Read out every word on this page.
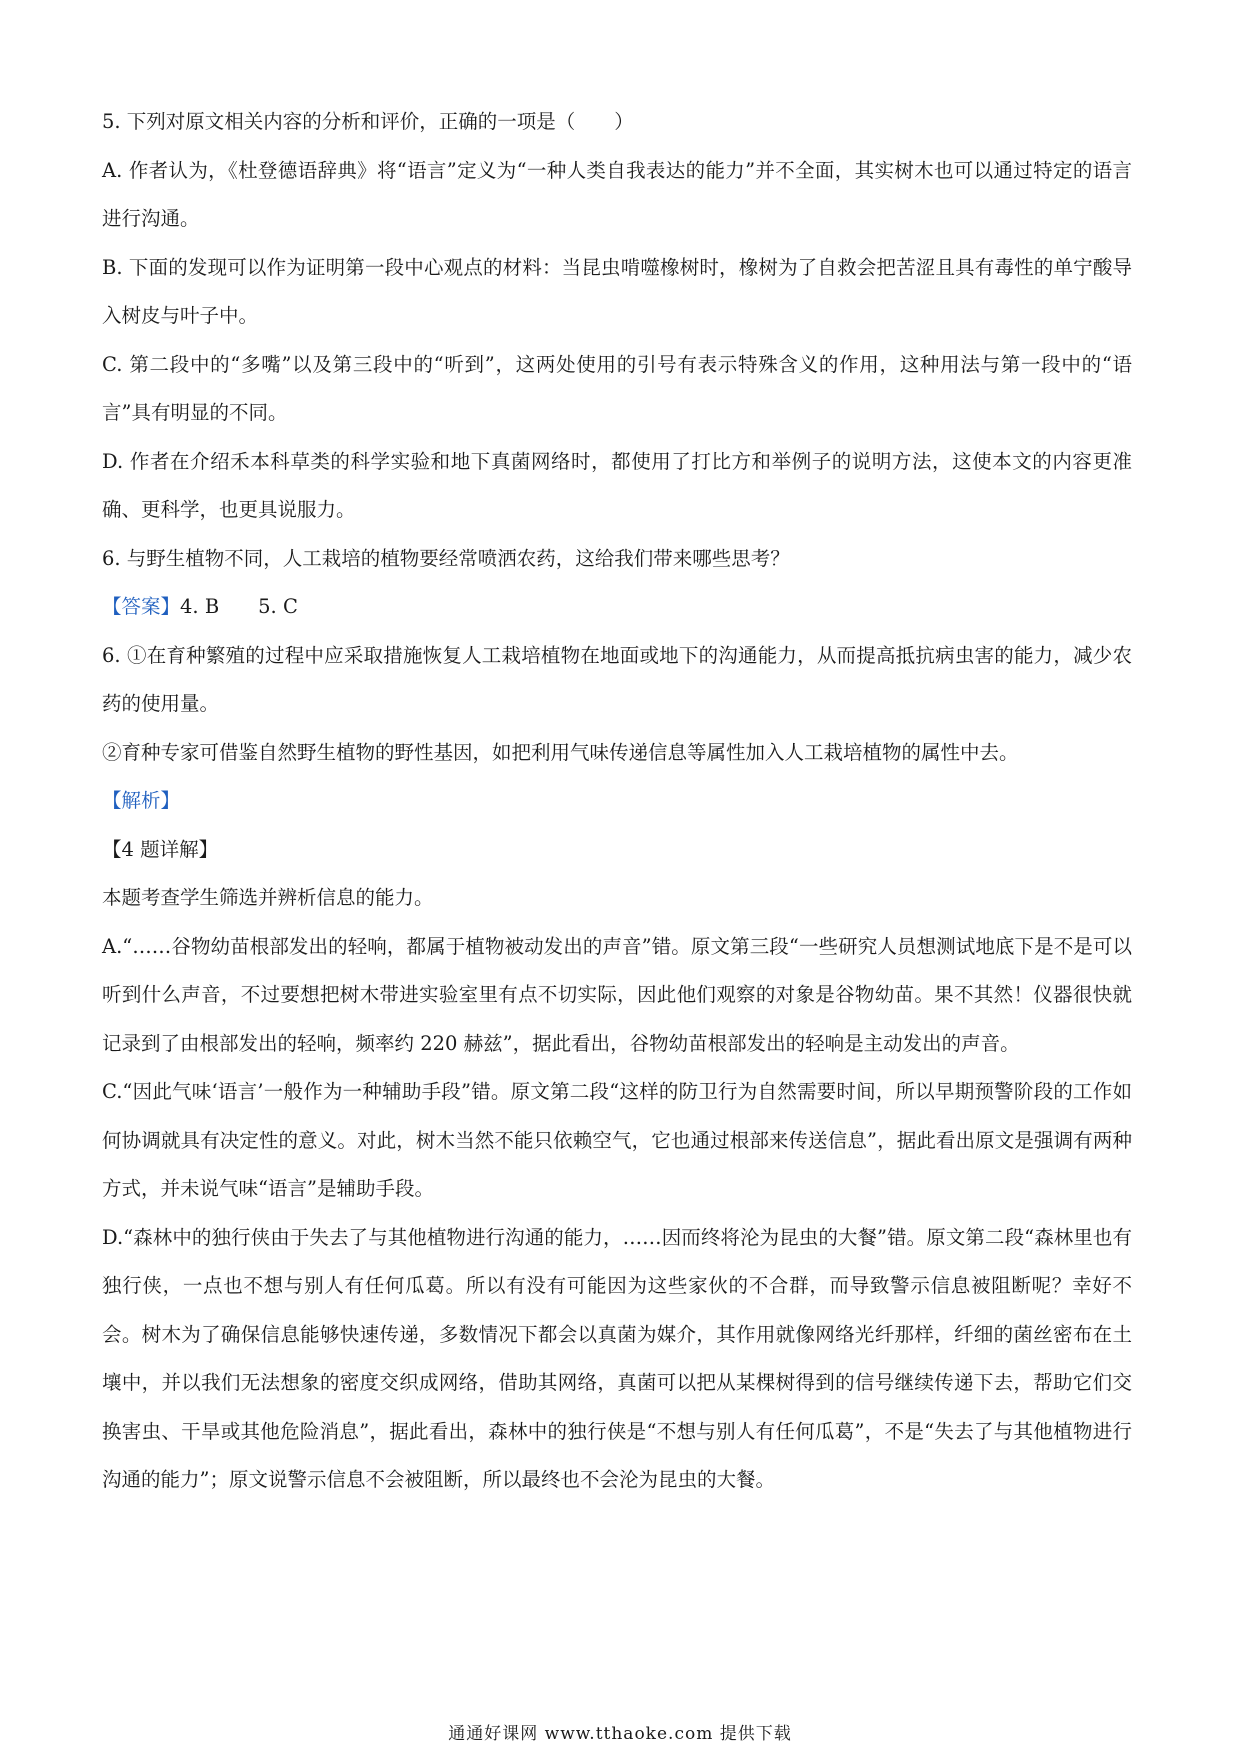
5. 下列对原文相关内容的分析和评价，正确的一项是（　　）

A. 作者认为，《杜登德语辞典》将“语言”定义为“一种人类自我表达的能力”并不全面，其实树木也可以通过特定的语言进行沟通。

B. 下面的发现可以作为证明第一段中心观点的材料：当昆虫啃噬橡树时，橡树为了自救会把苦涩且具有毒性的单宁酸导入树皮与叶子中。

C. 第二段中的“多嘴”以及第三段中的“听到”，这两处使用的引号有表示特殊含义的作用，这种用法与第一段中的“语言”具有明显的不同。

D. 作者在介绍禾本科草类的科学实验和地下真菌网络时，都使用了打比方和举例子的说明方法，这使本文的内容更准确、更科学，也更具说服力。

6. 与野生植物不同，人工栽培的植物要经常喷洒农药，这给我们带来哪些思考？

【答案】4. B　　5. C

6. ①在育种繁殖的过程中应采取措施恢复人工栽培植物在地面或地下的沟通能力，从而提高抵抗病虫害的能力，减少农药的使用量。

②育种专家可借鉴自然野生植物的野性基因，如把利用气味传递信息等属性加入人工栽培植物的属性中去。

【解析】

【4 题详解】

本题考查学生筛选并辨析信息的能力。

A.“……谷物幼苗根部发出的轻响，都属于植物被动发出的声音”错。原文第三段“一些研究人员想测试地底下是不是可以听到什么声音，不过要想把树木带进实验室里有点不切实际，因此他们观察的对象是谷物幼苗。果不其然！仪器很快就记录到了由根部发出的轻响，频率约 220 赫兹”，据此看出，谷物幼苗根部发出的轻响是主动发出的声音。

C.“因此气味‘语言’一般作为一种辅助手段”错。原文第二段“这样的防卫行为自然需要时间，所以早期预警阶段的工作如何协调就具有决定性的意义。对此，树木当然不能只依赖空气，它也通过根部来传送信息”，据此看出原文是强调有两种方式，并未说气味“语言”是辅助手段。

D.“森林中的独行侠由于失去了与其他植物进行沟通的能力，……因而终将沦为昆虫的大餐”错。原文第二段“森林里也有独行侠，一点也不想与别人有任何瓜葛。所以有没有可能因为这些家伙的不合群，而导致警示信息被阻断呢？幸好不会。树木为了确保信息能够快速传递，多数情况下都会以真菌为媒介，其作用就像网络光纤那样，纤细的菌丝密布在土壤中，并以我们无法想象的密度交织成网络，借助其网络，真菌可以把从某棵树得到的信号继续传递下去，帮助它们交换害虫、干旱或其他危险消息”，据此看出，森林中的独行侠是“不想与别人有任何瓜葛”，不是“失去了与其他植物进行沟通的能力”；原文说警示信息不会被阻断，所以最终也不会沦为昆虫的大餐。

通通好课网 www.tthaoke.com 提供下载
